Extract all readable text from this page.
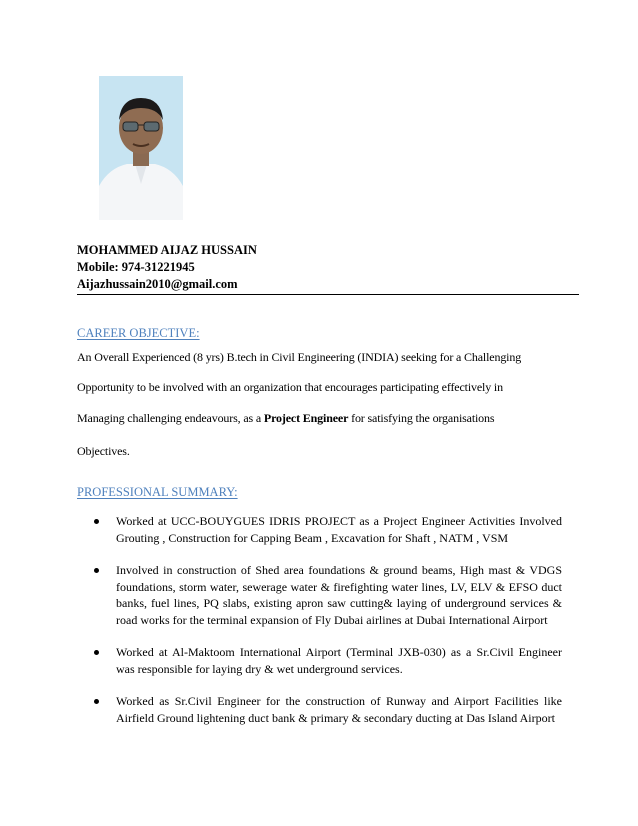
MOHAMMED AIJAZ HUSSAIN
Mobile: 974-31221945
Aijazhussain2010@gmail.com
CAREER OBJECTIVE:
An Overall Experienced (8 yrs) B.tech in Civil Engineering (INDIA) seeking for a Challenging
Opportunity to be involved with an organization that encourages participating effectively in
Managing challenging endeavours, as a Project Engineer for satisfying the organisations
Objectives.
PROFESSIONAL SUMMARY:
Worked at UCC-BOUYGUES IDRIS PROJECT as a Project Engineer Activities Involved Grouting , Construction for Capping Beam , Excavation for Shaft , NATM , VSM
Involved in construction of Shed area foundations & ground beams, High mast & VDGS foundations, storm water, sewerage water & firefighting water lines, LV, ELV & EFSO duct banks, fuel lines, PQ slabs, existing apron saw cutting& laying of underground services & road works for the terminal expansion of Fly Dubai airlines at Dubai International Airport
Worked at Al-Maktoom International Airport (Terminal JXB-030) as a Sr.Civil Engineer was responsible for laying dry & wet underground services.
Worked as Sr.Civil Engineer for the construction of Runway and Airport Facilities like Airfield Ground lightening duct bank & primary & secondary ducting at Das Island Airport
